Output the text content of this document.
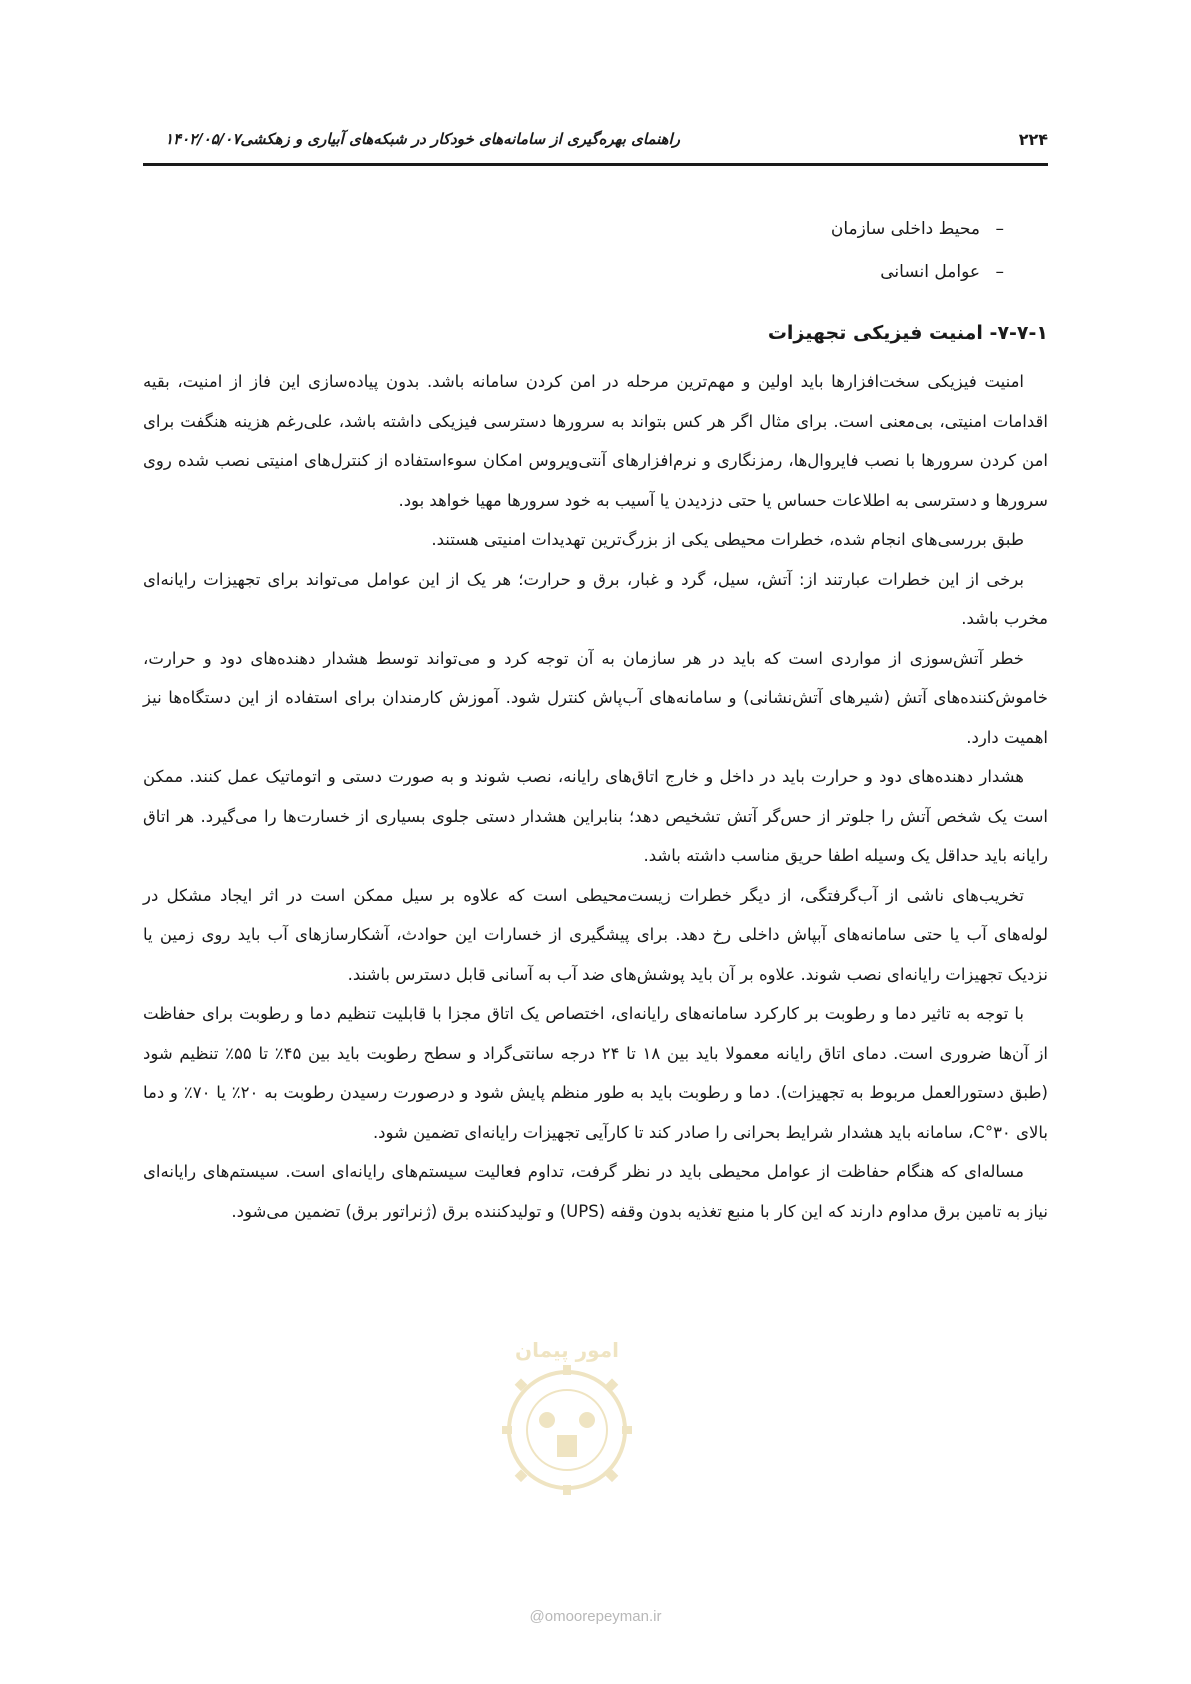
۲۲۴
راهنمای بهره‌گیری از سامانه‌های خودکار در شبکه‌های آبیاری و زهکشی۱۴۰۲/۰۵/۰۷
–
محیط داخلی سازمان
–
عوامل انسانی
۷-۷-۱- امنیت فیزیکی تجهیزات

امنیت فیزیکی سخت‌افزارها باید اولین و مهم‌ترین مرحله در امن کردن سامانه باشد. بدون پیاده‌سازی این فاز از امنیت، بقیه اقدامات امنیتی، بی‌معنی است. برای مثال اگر هر کس بتواند به سرورها دسترسی فیزیکی داشته باشد، علی‌رغم هزینه هنگفت برای امن کردن سرورها با نصب فایروال‌ها، رمزنگاری و نرم‌افزارهای آنتی‌ویروس امکان سوءاستفاده از کنترل‌های امنیتی نصب شده روی سرورها و دسترسی به اطلاعات حساس یا حتی دزدیدن یا آسیب به خود سرورها مهیا خواهد بود.

طبق بررسی‌های انجام شده، خطرات محیطی یکی از بزرگ‌ترین تهدیدات امنیتی هستند.

برخی از این خطرات عبارتند از: آتش، سیل، گرد و غبار، برق و حرارت؛ هر یک از این عوامل می‌تواند برای تجهیزات رایانه‌ای مخرب باشد.

خطر آتش‌سوزی از مواردی است که باید در هر سازمان به آن توجه کرد و می‌تواند توسط هشدار دهنده‌های دود و حرارت، خاموش‌کننده‌های آتش (شیرهای آتش‌نشانی) و سامانه‌های آب‌پاش کنترل شود. آموزش کارمندان برای استفاده از این دستگاه‌ها نیز اهمیت دارد.

هشدار دهنده‌های دود و حرارت باید در داخل و خارج اتاق‌های رایانه، نصب شوند و به صورت دستی و اتوماتیک عمل کنند. ممکن است یک شخص آتش را جلوتر از حس‌گر آتش تشخیص دهد؛ بنابراین هشدار دستی جلوی بسیاری از خسارت‌ها را می‌گیرد. هر اتاق رایانه باید حداقل یک وسیله اطفا حریق مناسب داشته باشد.

تخریب‌های ناشی از آب‌گرفتگی، از دیگر خطرات زیست‌محیطی است که علاوه بر سیل ممکن است در اثر ایجاد مشکل در لوله‌های آب یا حتی سامانه‌های آبپاش داخلی رخ دهد. برای پیشگیری از خسارات این حوادث، آشکارسازهای آب باید روی زمین یا نزدیک تجهیزات رایانه‌ای نصب شوند. علاوه بر آن باید پوشش‌های ضد آب به آسانی قابل دسترس باشند.

با توجه به تاثیر دما و رطوبت بر کارکرد سامانه‌های رایانه‌ای، اختصاص یک اتاق مجزا با قابلیت تنظیم دما و رطوبت برای حفاظت از آن‌ها ضروری است. دمای اتاق رایانه معمولا باید بین ۱۸ تا ۲۴ درجه سانتی‌گراد و سطح رطوبت باید بین ۴۵٪ تا ۵۵٪ تنظیم شود (طبق دستورالعمل مربوط به تجهیزات). دما و رطوبت باید به طور منظم پایش شود و درصورت رسیدن رطوبت به ۲۰٪ یا ۷۰٪ و دما بالای ۳۰°C، سامانه باید هشدار شرایط بحرانی را صادر کند تا کارآیی تجهیزات رایانه‌ای تضمین شود.

مساله‌ای که هنگام حفاظت از عوامل محیطی باید در نظر گرفت، تداوم فعالیت سیستم‌های رایانه‌ای است. سیستم‌های رایانه‌ای نیاز به تامین برق مداوم دارند که این کار با منبع تغذیه بدون وقفه (UPS) و تولیدکننده برق (ژنراتور برق) تضمین می‌شود.

امور پیمان
@omoorepeyman.ir
